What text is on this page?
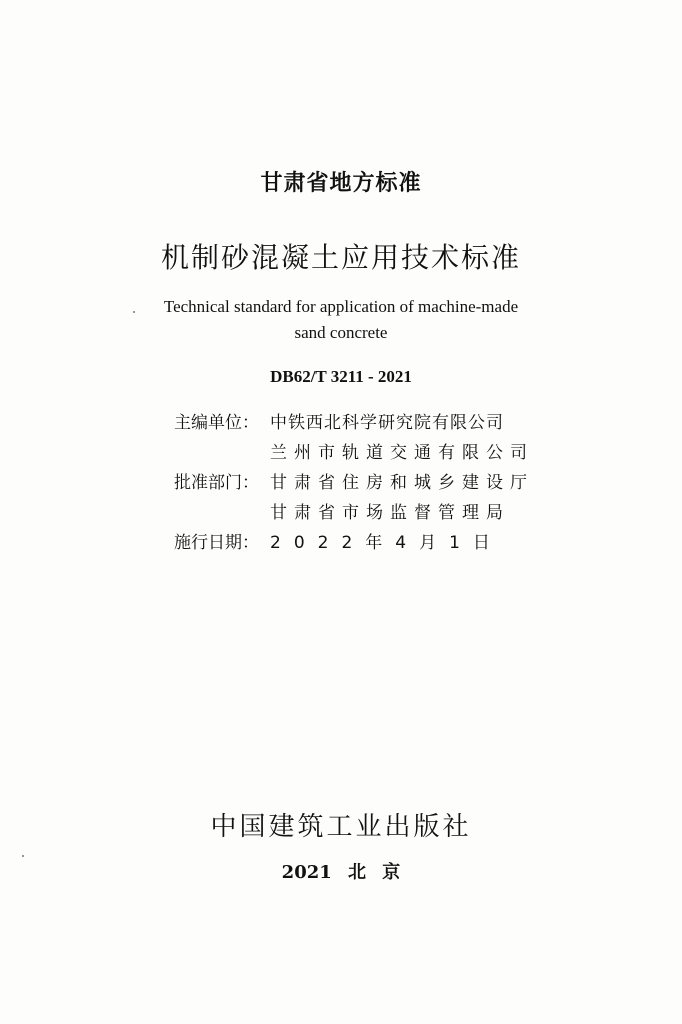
甘肃省地方标准
机制砂混凝土应用技术标准
Technical standard for application of machine-made
sand concrete
DB62/T 3211 - 2021
主编单位： 中铁西北科学研究院有限公司
兰州市轨道交通有限公司
批准部门： 甘肃省住房和城乡建设厅
甘肃省市场监督管理局
施行日期： 2022年4月1日
中国建筑工业出版社
2021 北 京
